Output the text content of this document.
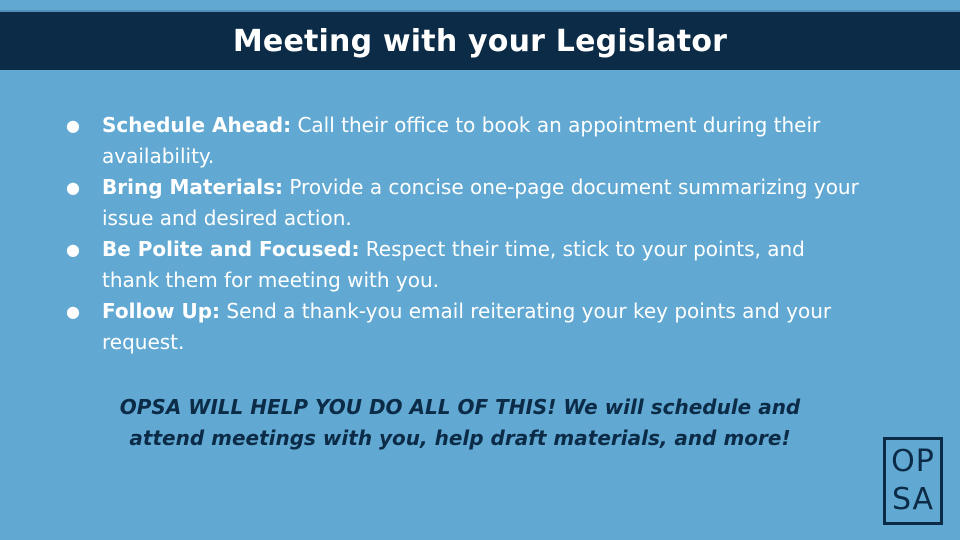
Meeting with your Legislator
● Schedule Ahead: Call their office to book an appointment during their availability.
● Bring Materials: Provide a concise one-page document summarizing your issue and desired action.
● Be Polite and Focused: Respect their time, stick to your points, and thank them for meeting with you.
● Follow Up: Send a thank-you email reiterating your key points and your request.
OPSA WILL HELP YOU DO ALL OF THIS! We will schedule and
attend meetings with you, help draft materials, and more!
OP
SA
